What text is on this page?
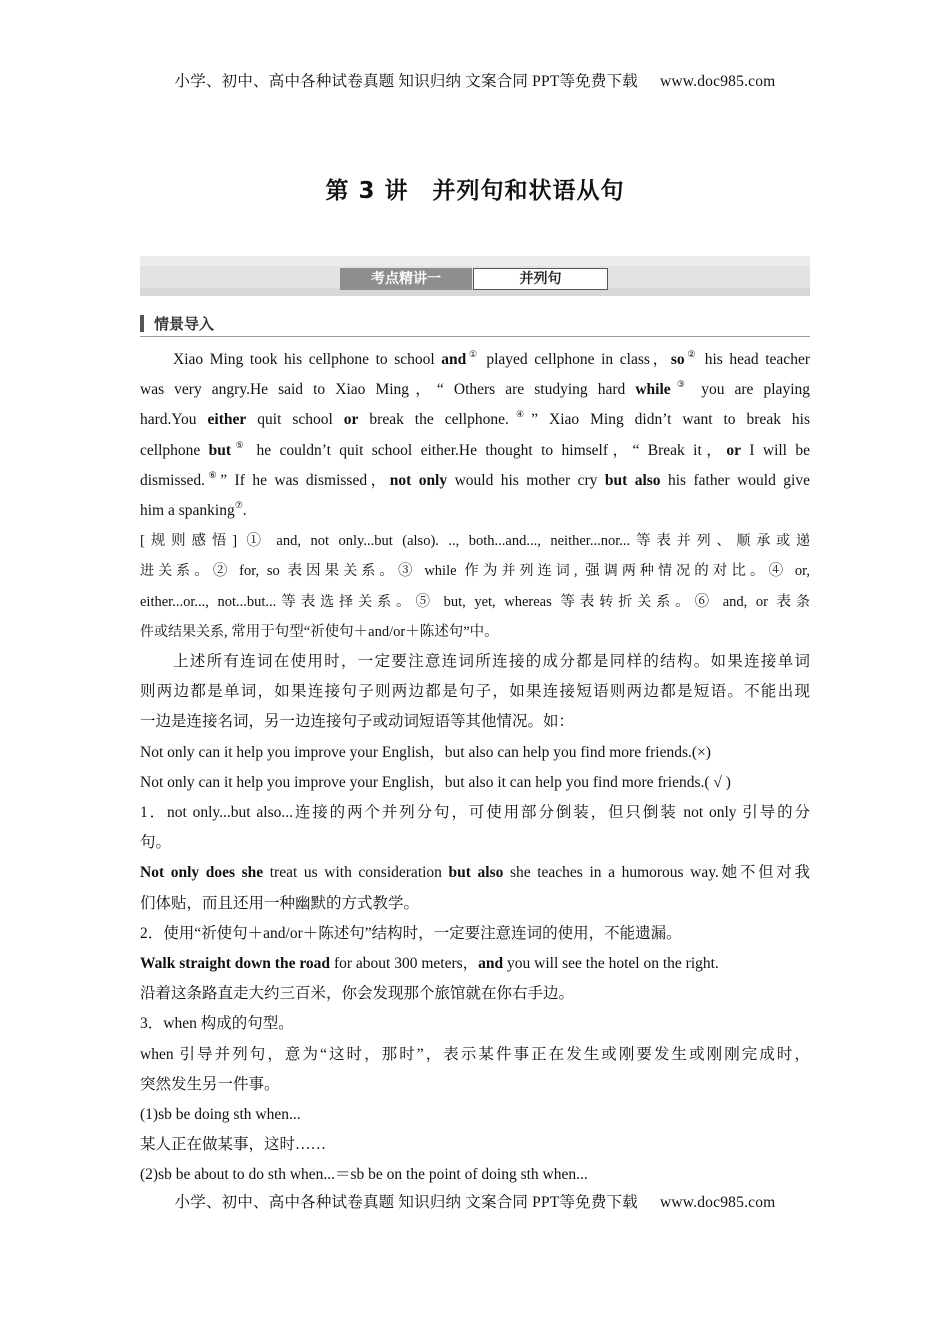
小学、初中、高中各种试卷真题 知识归纳 文案合同 PPT等免费下载 www.doc985.com
第 3 讲　并列句和状语从句
考点精讲一	并列句
情景导入

Xiao Ming took his cellphone to school and① played cellphone in class，so② his head teacher

was very angry.He said to Xiao Ming，“ Others are studying hard while③ you are playing

hard.You either quit school or break the cellphone.④” Xiao Ming didn’t want to break his

cellphone but⑤ he couldn’t quit school either.He thought to himself，“ Break it，or I will be

dismissed.⑥” If he was dismissed，not only would his mother cry but also his father would give

him a spanking⑦.

[规则感悟] ① and, not only...but (also). .., both...and..., neither...nor...等表并列、顺承或递

进关系。② for, so 表因果关系。③ while 作为并列连词, 强调两种情况的对比。④ or,

either...or..., not...but...等表选择关系。⑤ but, yet, whereas 等表转折关系。⑥ and, or 表条

件或结果关系, 常用于句型“祈使句＋and/or＋陈述句”中。

上述所有连词在使用时，一定要注意连词所连接的成分都是同样的结构。如果连接单词

则两边都是单词，如果连接句子则两边都是句子，如果连接短语则两边都是短语。不能出现

一边是连接名词，另一边连接句子或动词短语等其他情况。如：

Not only can it help you improve your English，but also can help you find more friends.(×)

Not only can it help you improve your English，but also it can help you find more friends.( √ )

1．not only...but also...连接的两个并列分句，可使用部分倒装，但只倒装 not only 引导的分

句。

Not only does she treat us with consideration but also she teaches in a humorous way.她不但对我

们体贴，而且还用一种幽默的方式教学。

2．使用“祈使句＋and/or＋陈述句”结构时，一定要注意连词的使用，不能遗漏。

Walk straight down the road for about 300 meters，and you will see the hotel on the right.

沿着这条路直走大约三百米，你会发现那个旅馆就在你右手边。

3．when 构成的句型。

when 引导并列句，意为“这时，那时”，表示某件事正在发生或刚要发生或刚刚完成时，

突然发生另一件事。

(1)sb be doing sth when...

某人正在做某事，这时……

(2)sb be about to do sth when...＝sb be on the point of doing sth when...

小学、初中、高中各种试卷真题 知识归纳 文案合同 PPT等免费下载 www.doc985.com
